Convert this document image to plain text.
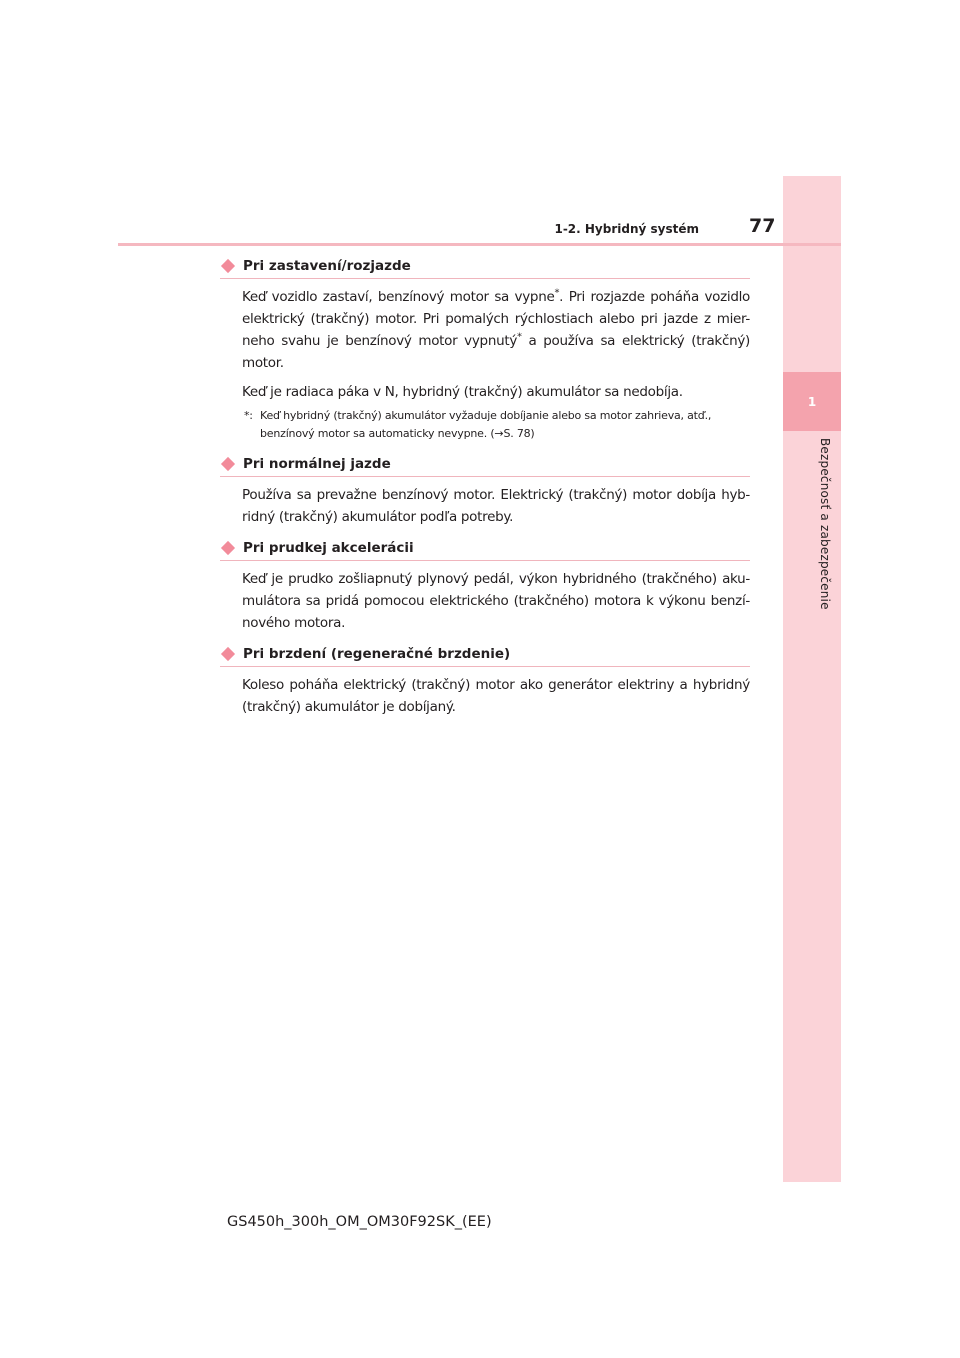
1
Bezpečnosť a zabezpečenie
1-2. Hybridný systém	77
Pri zastavení/rozjazde
Keď vozidlo zastaví, benzínový motor sa vypne*. Pri rozjazde poháňa vozidlo elektrický (trakčný) motor. Pri pomalých rýchlostiach alebo pri jazde z mier-neho svahu je benzínový motor vypnutý* a používa sa elektrický (trakčný) motor.
Keď je radiaca páka v N, hybridný (trakčný) akumulátor sa nedobíja.
*: Keď hybridný (trakčný) akumulátor vyžaduje dobíjanie alebo sa motor zahrieva, atď., benzínový motor sa automaticky nevypne. (→S. 78)
Pri normálnej jazde
Používa sa prevažne benzínový motor. Elektrický (trakčný) motor dobíja hyb-ridný (trakčný) akumulátor podľa potreby.
Pri prudkej akcelerácii
Keď je prudko zošliapnutý plynový pedál, výkon hybridného (trakčného) aku-mulátora sa pridá pomocou elektrického (trakčného) motora k výkonu benzí-nového motora.
Pri brzdení (regeneračné brzdenie)
Koleso poháňa elektrický (trakčný) motor ako generátor elektriny a hybridný (trakčný) akumulátor je dobíjaný.
GS450h_300h_OM_OM30F92SK_(EE)
